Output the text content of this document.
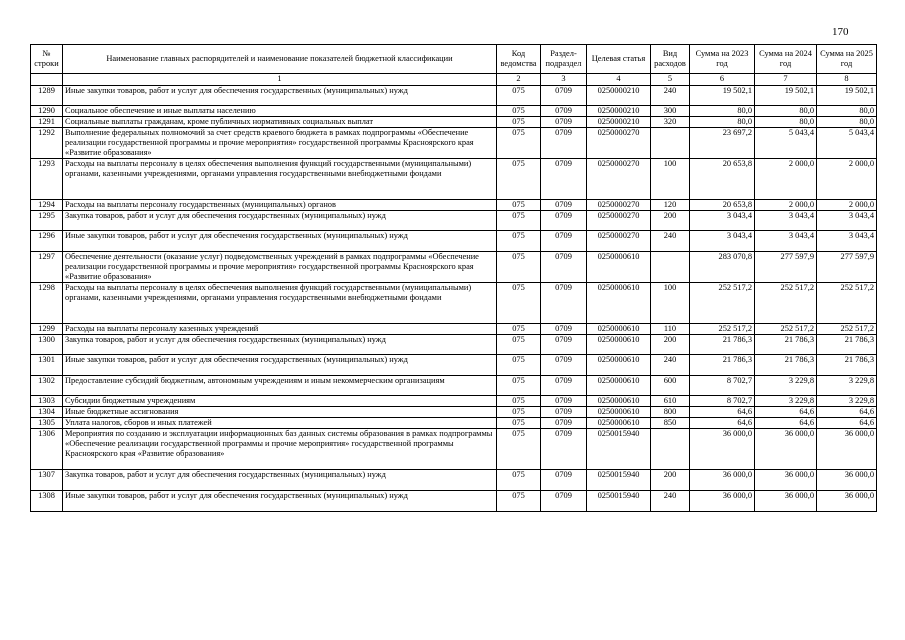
170
№ строки	Наименование главных распорядителей и наименование показателей бюджетной классификации	Код ведомства	Раздел-подраздел	Целевая статья	Вид расходов	Сумма на 2023 год	Сумма на 2024 год	Сумма на 2025 год
	1	2	3	4	5	6	7	8
1289	Иные закупки товаров, работ и услуг для обеспечения государственных (муниципальных) нужд	075	0709	0250000210	240	19 502,1	19 502,1	19 502,1
1290	Социальное обеспечение и иные выплаты населению	075	0709	0250000210	300	80,0	80,0	80,0
1291	Социальные выплаты гражданам, кроме публичных нормативных социальных выплат	075	0709	0250000210	320	80,0	80,0	80,0
1292	Выполнение федеральных полномочий за счет средств краевого бюджета в рамках подпрограммы «Обеспечение реализации государственной программы и прочие мероприятия» государственной программы Красноярского края «Развитие образования»	075	0709	0250000270		23 697,2	5 043,4	5 043,4
1293	Расходы на выплаты персоналу в целях обеспечения выполнения функций государственными (муниципальными) органами, казенными учреждениями, органами управления государственными внебюджетными фондами	075	0709	0250000270	100	20 653,8	2 000,0	2 000,0
1294	Расходы на выплаты персоналу государственных (муниципальных) органов	075	0709	0250000270	120	20 653,8	2 000,0	2 000,0
1295	Закупка товаров, работ и услуг для обеспечения государственных (муниципальных) нужд	075	0709	0250000270	200	3 043,4	3 043,4	3 043,4
1296	Иные закупки товаров, работ и услуг для обеспечения государственных (муниципальных) нужд	075	0709	0250000270	240	3 043,4	3 043,4	3 043,4
1297	Обеспечение деятельности (оказание услуг) подведомственных учреждений в рамках подпрограммы «Обеспечение реализации государственной программы и прочие мероприятия» государственной программы Красноярского края «Развитие образования»	075	0709	0250000610		283 070,8	277 597,9	277 597,9
1298	Расходы на выплаты персоналу в целях обеспечения выполнения функций государственными (муниципальными) органами, казенными учреждениями, органами управления государственными внебюджетными фондами	075	0709	0250000610	100	252 517,2	252 517,2	252 517,2
1299	Расходы на выплаты персоналу казенных учреждений	075	0709	0250000610	110	252 517,2	252 517,2	252 517,2
1300	Закупка товаров, работ и услуг для обеспечения государственных (муниципальных) нужд	075	0709	0250000610	200	21 786,3	21 786,3	21 786,3
1301	Иные закупки товаров, работ и услуг для обеспечения государственных (муниципальных) нужд	075	0709	0250000610	240	21 786,3	21 786,3	21 786,3
1302	Предоставление субсидий бюджетным, автономным учреждениям и иным некоммерческим организациям	075	0709	0250000610	600	8 702,7	3 229,8	3 229,8
1303	Субсидии бюджетным учреждениям	075	0709	0250000610	610	8 702,7	3 229,8	3 229,8
1304	Иные бюджетные ассигнования	075	0709	0250000610	800	64,6	64,6	64,6
1305	Уплата налогов, сборов и иных платежей	075	0709	0250000610	850	64,6	64,6	64,6
1306	Мероприятия по созданию и эксплуатации информационных баз данных системы образования в рамках подпрограммы «Обеспечение реализации государственной программы и прочие мероприятия» государственной программы Красноярского края «Развитие образования»	075	0709	0250015940		36 000,0	36 000,0	36 000,0
1307	Закупка товаров, работ и услуг для обеспечения государственных (муниципальных) нужд	075	0709	0250015940	200	36 000,0	36 000,0	36 000,0
1308	Иные закупки товаров, работ и услуг для обеспечения государственных (муниципальных) нужд	075	0709	0250015940	240	36 000,0	36 000,0	36 000,0
